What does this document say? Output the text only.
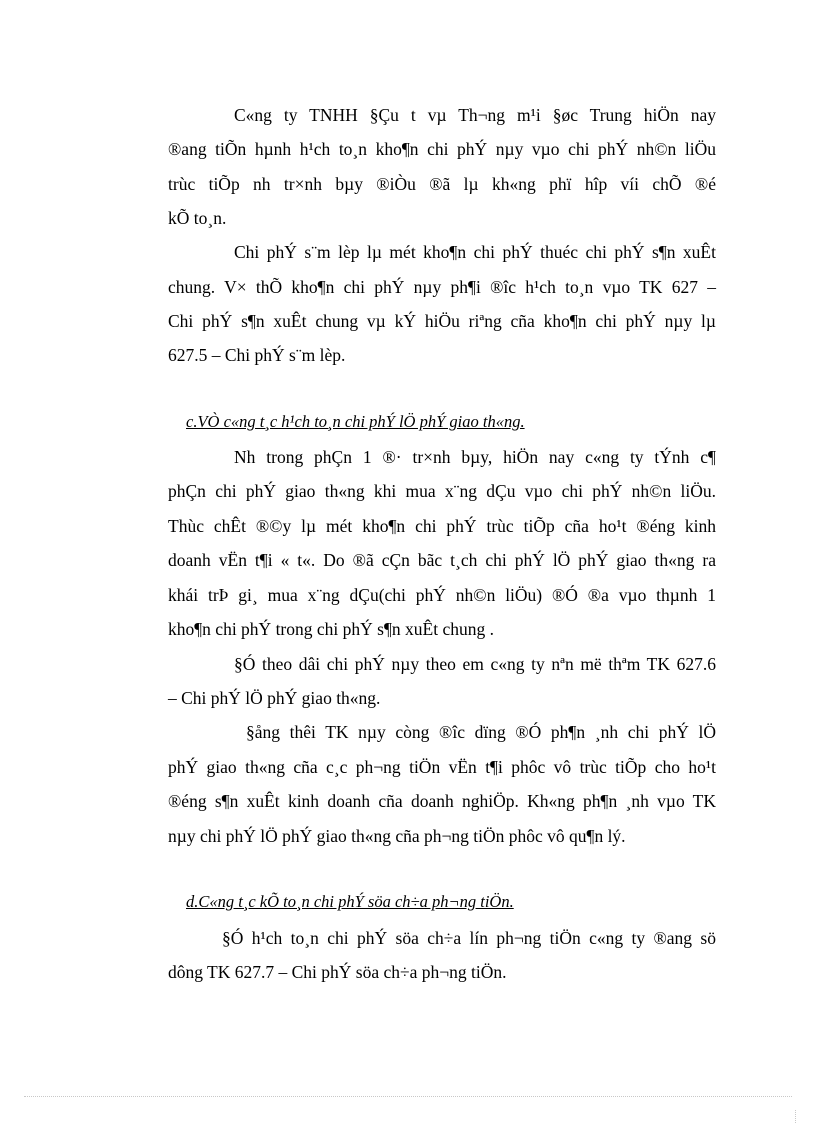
C«ng ty TNHH §Çu t vµ Th¬ng m¹i §øc Trung hiÖn nay

®ang tiÕn hµnh h¹ch to¸n kho¶n chi phÝ nµy vµo chi phÝ nh©n liÖu

trùc tiÕp nh tr×nh bµy ®iÒu ®ã lµ kh«ng phï hîp víi chÕ ®é

kÕ to¸n.

Chi phÝ s¨m lèp lµ mét kho¶n chi phÝ thuéc chi phÝ s¶n xuÊt

chung. V× thÕ kho¶n chi phÝ nµy ph¶i ®îc h¹ch to¸n vµo TK 627 –

Chi phÝ s¶n xuÊt chung vµ kÝ hiÖu riªng cña kho¶n chi phÝ nµy lµ

627.5 – Chi phÝ s¨m lèp.

c.VÒ c«ng t¸c h¹ch to¸n chi phÝ lÖ phÝ giao th«ng.

Nh trong phÇn 1 ®· tr×nh bµy, hiÖn nay c«ng ty tÝnh c¶

phÇn chi phÝ giao th«ng khi mua x¨ng dÇu vµo chi phÝ nh©n liÖu.

Thùc chÊt ®©y lµ mét kho¶n chi phÝ trùc tiÕp cña ho¹t ®éng kinh

doanh vËn t¶i « t«. Do ®ã cÇn bãc t¸ch chi phÝ lÖ phÝ giao th«ng ra

khái trÞ gi¸ mua x¨ng dÇu(chi phÝ nh©n liÖu) ®Ó ®a vµo thµnh 1

kho¶n chi phÝ trong chi phÝ s¶n xuÊt chung .

§Ó theo dâi chi phÝ nµy theo em c«ng ty nªn më thªm TK 627.6

– Chi phÝ lÖ phÝ giao th«ng.

§ång thêi TK nµy còng ®îc dïng ®Ó ph¶n ¸nh chi phÝ lÖ

phÝ giao th«ng cña c¸c ph¬ng tiÖn vËn t¶i phôc vô trùc tiÕp cho ho¹t

®éng s¶n xuÊt kinh doanh cña doanh nghiÖp. Kh«ng ph¶n ¸nh vµo TK

nµy chi phÝ lÖ phÝ giao th«ng cña ph¬ng tiÖn phôc vô qu¶n lý.

d.C«ng t¸c kÕ to¸n chi phÝ söa ch÷a ph¬ng tiÖn.

§Ó h¹ch to¸n chi phÝ söa ch÷a lín ph¬ng tiÖn c«ng ty ®ang sö

dông TK 627.7 – Chi phÝ söa ch÷a ph¬ng tiÖn.
